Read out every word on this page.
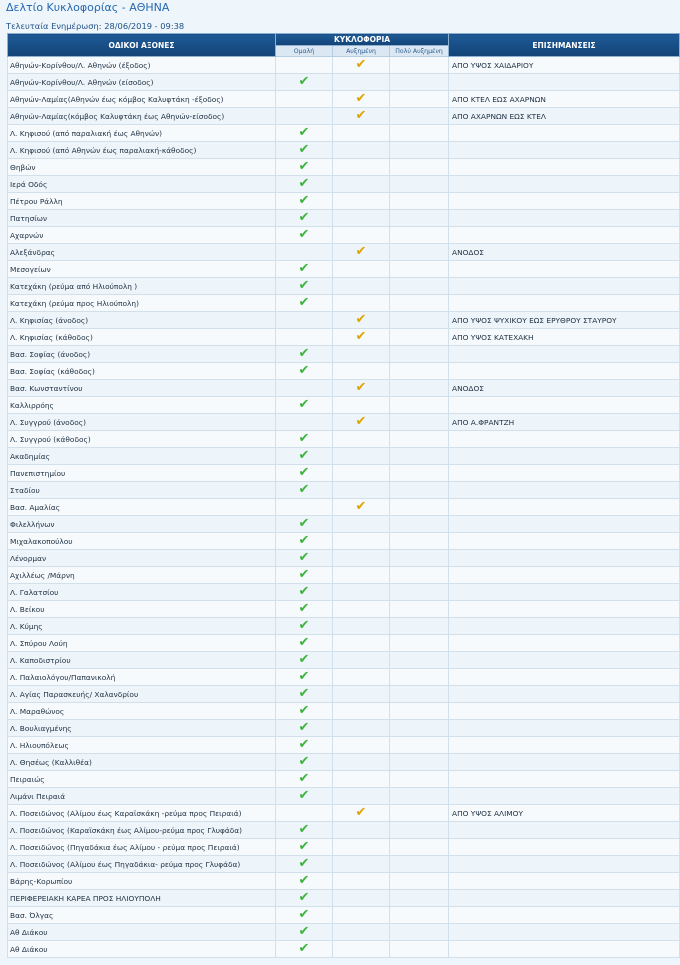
Δελτίο Κυκλοφορίας - ΑΘΗΝΑ
Τελευταία Ενημέρωση: 28/06/2019 - 09:38
ΟΔΙΚΟΙ ΑΞΟΝΕΣ	ΚΥΚΛΟΦΟΡΙΑ			ΕΠΙΣΗΜΑΝΣΕΙΣ
	Ομαλή	Αυξημένη	Πολύ Αυξημένη	
Αθηνών-Κορίνθου/Λ. Αθηνών (έξοδος)		✔		ΑΠΟ ΥΨΟΣ ΧΑΙΔΑΡΙΟΥ
Αθηνών-Κορίνθου/Λ. Αθηνών (είσοδος)	✔			
Αθηνών-Λαμίας(Αθηνών έως κόμβος Καλυφτάκη -έξοδος)		✔		ΑΠΟ ΚΤΕΛ ΕΩΣ ΑΧΑΡΝΩΝ
Αθηνών-Λαμίας(κόμβος Καλυφτάκη έως Αθηνών-είσοδος)		✔		ΑΠΟ ΑΧΑΡΝΩΝ ΕΩΣ ΚΤΕΛ
Λ. Κηφισού (από παραλιακή έως Αθηνών)	✔			
Λ. Κηφισού (από Αθηνών έως παραλιακή-κάθοδος)	✔			
Θηβών	✔			
Ιερά Οδός	✔			
Πέτρου Ράλλη	✔			
Πατησίων	✔			
Αχαρνών	✔			
Αλεξάνδρας		✔		ΑΝΟΔΟΣ
Μεσογείων	✔			
Κατεχάκη (ρεύμα από Ηλιούπολη )	✔			
Κατεχάκη (ρεύμα προς Ηλιούπολη)	✔			
Λ. Κηφισίας (άνοδος)		✔		ΑΠΟ ΥΨΟΣ ΨΥΧΙΚΟΥ ΕΩΣ ΕΡΥΘΡΟΥ ΣΤΑΥΡΟΥ
Λ. Κηφισίας (κάθοδος)		✔		ΑΠΟ ΥΨΟΣ ΚΑΤΕΧΑΚΗ
Βασ. Σοφίας (άνοδος)	✔			
Βασ. Σοφίας (κάθοδος)	✔			
Βασ. Κωνσταντίνου		✔		ΑΝΟΔΟΣ
Καλλιρρόης	✔			
Λ. Συγγρού (άνοδος)		✔		ΑΠΟ Α.ΦΡΑΝΤΖΗ
Λ. Συγγρού (κάθοδος)	✔			
Ακαδημίας	✔			
Πανεπιστημίου	✔			
Σταδίου	✔			
Βασ. Αμαλίας		✔		
Φιλελλήνων	✔			
Μιχαλακοπούλου	✔			
Λένορμαν	✔			
Αχιλλέως /Μάρνη	✔			
Λ. Γαλατσίου	✔			
Λ. Βείκου	✔			
Λ. Κύμης	✔			
Λ. Σπύρου Λούη	✔			
Λ. Καποδιστρίου	✔			
Λ. Παλαιολόγου/Παπανικολή	✔			
Λ. Αγίας Παρασκευής/ Χαλανδρίου	✔			
Λ. Μαραθώνος	✔			
Λ. Βουλιαγμένης	✔			
Λ. Ηλιουπόλεως	✔			
Λ. Θησέως (Καλλιθέα)	✔			
Πειραιώς	✔			
Λιμάνι Πειραιά	✔			
Λ. Ποσειδώνος (Αλίμου έως Καραϊσκάκη -ρεύμα προς Πειραιά)		✔		ΑΠΟ ΥΨΟΣ ΑΛΙΜΟΥ
Λ. Ποσειδώνος (Καραϊσκάκη έως Αλίμου-ρεύμα προς Γλυφάδα)	✔			
Λ. Ποσειδώνος (Πηγαδάκια έως Αλίμου - ρεύμα προς Πειραιά)	✔			
Λ. Ποσειδώνος (Αλίμου έως Πηγαδάκια- ρεύμα προς Γλυφάδα)	✔			
Βάρης-Κορωπίου	✔			
ΠΕΡΙΦΕΡΕΙΑΚΗ ΚΑΡΕΑ ΠΡΟΣ ΗΛΙΟΥΠΟΛΗ	✔			
Βασ. Όλγας	✔			
Αθ Διάκου	✔			
Αθ Διάκου	✔			
